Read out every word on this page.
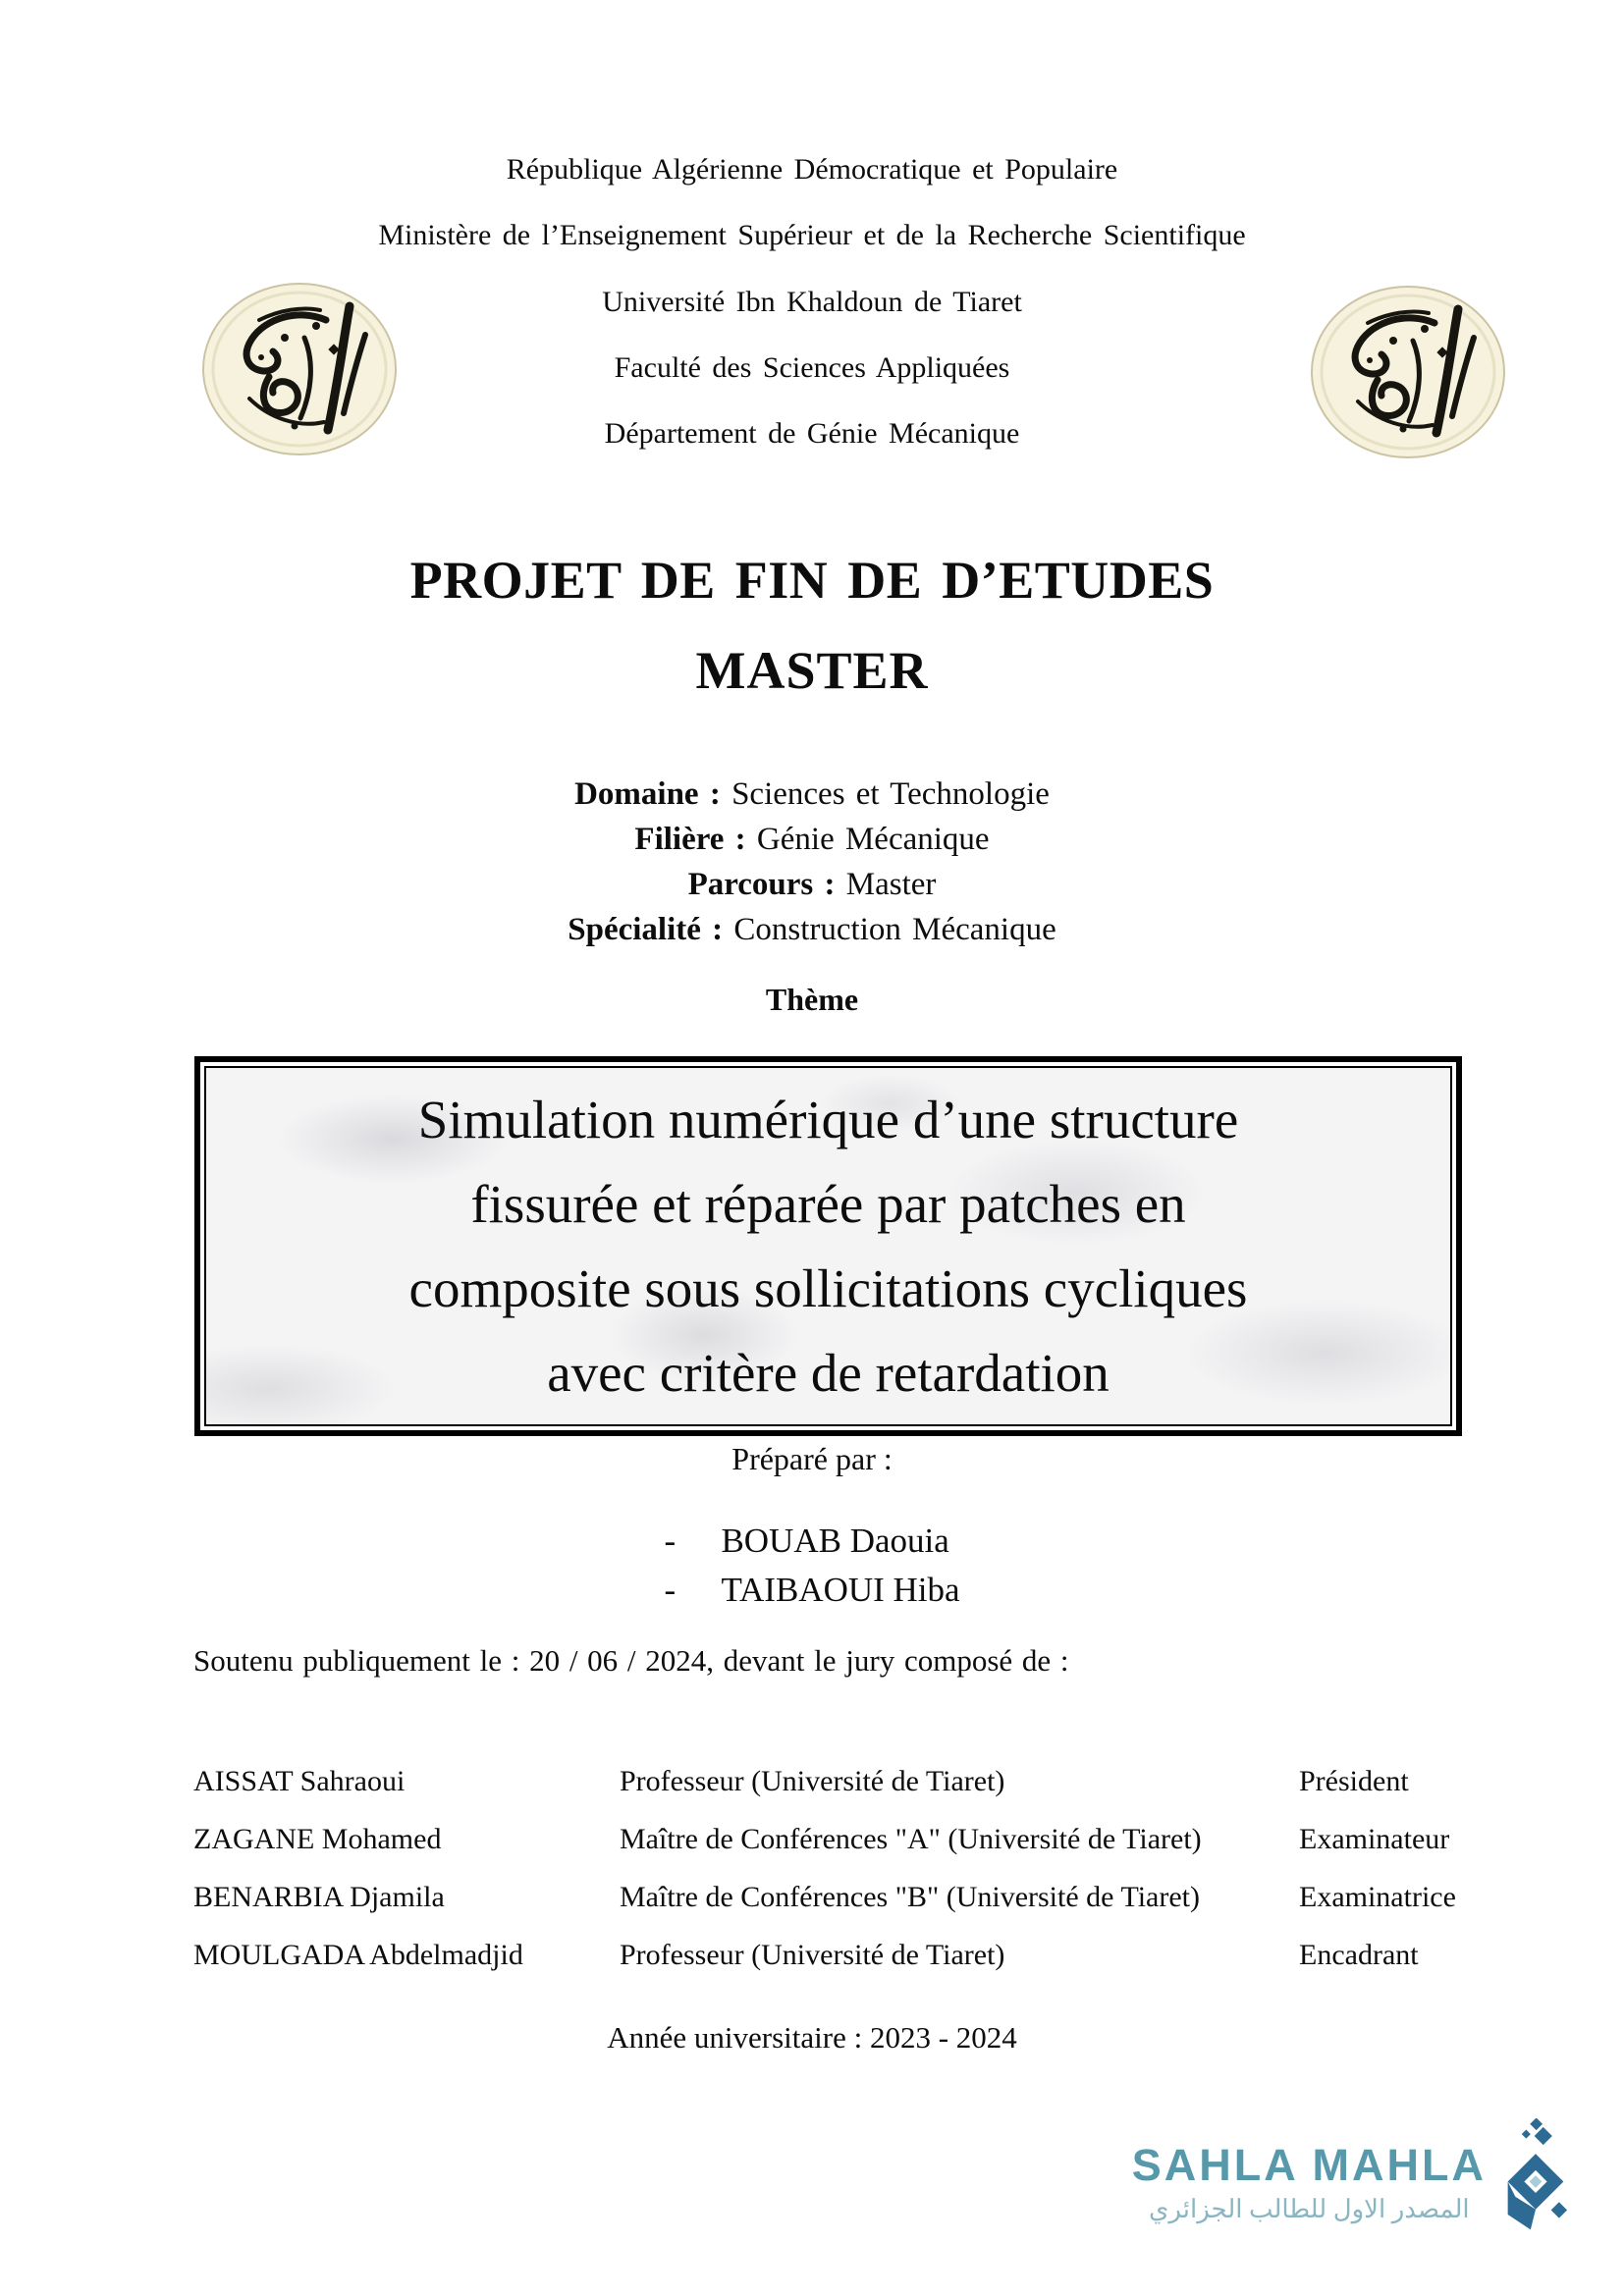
République Algérienne Démocratique et Populaire
Ministère de l’Enseignement Supérieur et de la Recherche Scientifique
Université Ibn Khaldoun de Tiaret
Faculté des Sciences Appliquées
Département de Génie Mécanique
PROJET DE FIN DE D’ETUDES
MASTER
Domaine : Sciences et Technologie
Filière : Génie Mécanique
Parcours : Master
Spécialité : Construction Mécanique
Thème
Simulation numérique d’une structure
fissurée et réparée par patches en
composite sous sollicitations cycliques
avec critère de retardation
Préparé par :
- BOUAB Daouia
- TAIBAOUI Hiba
Soutenu publiquement le : 20 / 06 / 2024, devant le jury composé de :
AISSAT Sahraoui	Professeur (Université de Tiaret)	Président
ZAGANE Mohamed	Maître de Conférences "A" (Université de Tiaret)	Examinateur
BENARBIA Djamila	Maître de Conférences "B" (Université de Tiaret)	Examinatrice
MOULGADA Abdelmadjid	Professeur (Université de Tiaret)	Encadrant
Année universitaire : 2023 - 2024
SAHLA MAHLA
المصدر الاول للطالب الجزائري
